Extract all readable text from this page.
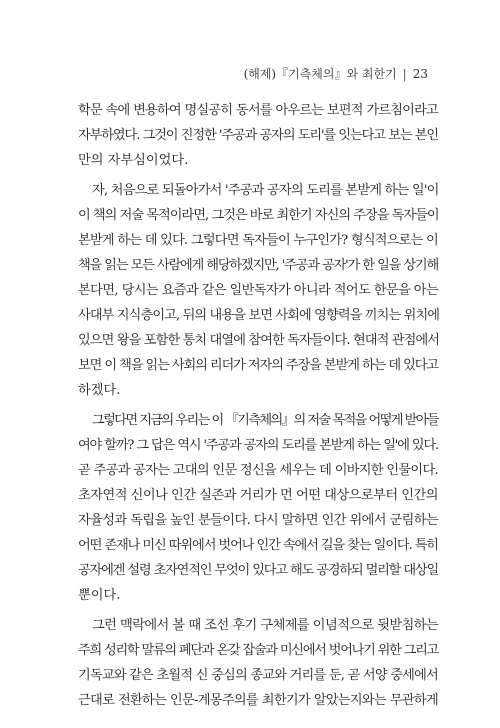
(해제)『기측체의』와 최한기 | 23
학문 속에 변용하여 명실공히 동서를 아우르는 보편적 가르침이라고
자부하였다. 그것이 진정한 '주공과 공자의 도리'를 잇는다고 보는 본인
만의 자부심이었다.
자, 처음으로 되돌아가서 '주공과 공자의 도리를 본받게 하는 일'이
이 책의 저술 목적이라면, 그것은 바로 최한기 자신의 주장을 독자들이
본받게 하는 데 있다. 그렇다면 독자들이 누구인가? 형식적으로는 이
책을 읽는 모든 사람에게 해당하겠지만, '주공과 공자'가 한 일을 상기해
본다면, 당시는 요즘과 같은 일반독자가 아니라 적어도 한문을 아는
사대부 지식층이고, 뒤의 내용을 보면 사회에 영향력을 끼치는 위치에
있으면 왕을 포함한 통치 대열에 참여한 독자들이다. 현대적 관점에서
보면 이 책을 읽는 사회의 리더가 저자의 주장을 본받게 하는 데 있다고
하겠다.
그렇다면 지금의 우리는 이 『기측체의』의 저술 목적을 어떻게 받아들
여야 할까? 그 답은 역시 '주공과 공자의 도리를 본받게 하는 일'에 있다.
곧 주공과 공자는 고대의 인문 정신을 세우는 데 이바지한 인물이다.
초자연적 신이나 인간 실존과 거리가 먼 어떤 대상으로부터 인간의
자율성과 독립을 높인 분들이다. 다시 말하면 인간 위에서 군림하는
어떤 존재나 미신 따위에서 벗어나 인간 속에서 길을 찾는 일이다. 특히
공자에겐 설령 초자연적인 무엇이 있다고 해도 공경하되 멀리할 대상일
뿐이다.
그런 맥락에서 볼 때 조선 후기 구체제를 이념적으로 뒷받침하는
주희 성리학 말류의 폐단과 온갖 잡술과 미신에서 벗어나기 위한 그리고
기독교와 같은 초월적 신 중심의 종교와 거리를 둔, 곧 서양 중세에서
근대로 전환하는 인문-계몽주의를 최한기가 알았는지와는 무관하게
